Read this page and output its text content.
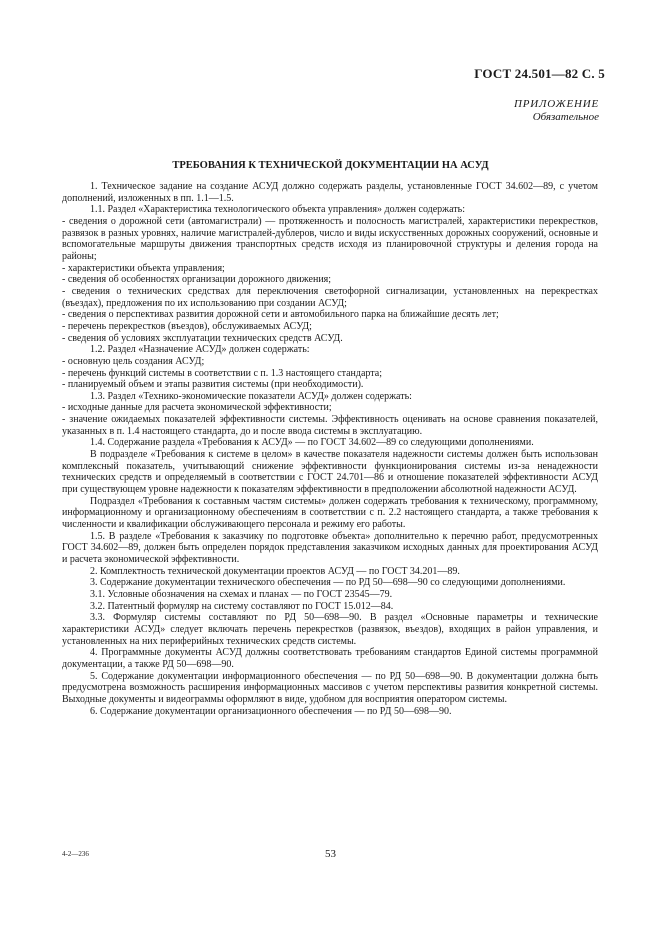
ГОСТ 24.501—82 С. 5
ПРИЛОЖЕНИЕ
Обязательное
ТРЕБОВАНИЯ К ТЕХНИЧЕСКОЙ ДОКУМЕНТАЦИИ НА АСУД

1. Техническое задание на создание АСУД должно содержать разделы, установленные ГОСТ 34.602—89, с учетом дополнений, изложенных в пп. 1.1—1.5.

1.1. Раздел «Характеристика технологического объекта управления» должен содержать:

- сведения о дорожной сети (автомагистрали) — протяженность и полосность магистралей, характеристики перекрестков, развязок в разных уровнях, наличие магистралей-дублеров, число и виды искусственных дорожных сооружений, основные и вспомогательные маршруты движения транспортных средств исходя из планировочной структуры и деления города на районы;

- характеристики объекта управления;

- сведения об особенностях организации дорожного движения;

- сведения о технических средствах для переключения светофорной сигнализации, установленных на перекрестках (въездах), предложения по их использованию при создании АСУД;

- сведения о перспективах развития дорожной сети и автомобильного парка на ближайшие десять лет;

- перечень перекрестков (въездов), обслуживаемых АСУД;

- сведения об условиях эксплуатации технических средств АСУД.

1.2. Раздел «Назначение АСУД» должен содержать:

- основную цель создания АСУД;

- перечень функций системы в соответствии с п. 1.3 настоящего стандарта;

- планируемый объем и этапы развития системы (при необходимости).

1.3. Раздел «Технико-экономические показатели АСУД» должен содержать:

- исходные данные для расчета экономической эффективности;

- значение ожидаемых показателей эффективности системы. Эффективность оценивать на основе сравнения показателей, указанных в п. 1.4 настоящего стандарта, до и после ввода системы в эксплуатацию.

1.4. Содержание раздела «Требования к АСУД» — по ГОСТ 34.602—89 со следующими дополнениями.

В подразделе «Требования к системе в целом» в качестве показателя надежности системы должен быть использован комплексный показатель, учитывающий снижение эффективности функционирования системы из-за ненадежности технических средств и определяемый в соответствии с ГОСТ 24.701—86 и отношение показателей эффективности АСУД при существующем уровне надежности к показателям эффективности в предположении абсолютной надежности АСУД.

Подраздел «Требования к составным частям системы» должен содержать требования к техническому, программному, информационному и организационному обеспечениям в соответствии с п. 2.2 настоящего стандарта, а также требования к численности и квалификации обслуживающего персонала и режиму его работы.

1.5. В разделе «Требования к заказчику по подготовке объекта» дополнительно к перечню работ, предусмотренных ГОСТ 34.602—89, должен быть определен порядок представления заказчиком исходных данных для проектирования АСУД и расчета экономической эффективности.

2. Комплектность технической документации проектов АСУД — по ГОСТ 34.201—89.

3. Содержание документации технического обеспечения — по РД 50—698—90 со следующими дополнениями.

3.1. Условные обозначения на схемах и планах — по ГОСТ 23545—79.

3.2. Патентный формуляр на систему составляют по ГОСТ 15.012—84.

3.3. Формуляр системы составляют по РД 50—698—90. В раздел «Основные параметры и технические характеристики АСУД» следует включать перечень перекрестков (развязок, въездов), входящих в район управления, и установленных на них периферийных технических средств системы.

4. Программные документы АСУД должны соответствовать требованиям стандартов Единой системы программной документации, а также РД 50—698—90.

5. Содержание документации информационного обеспечения — по РД 50—698—90. В документации должна быть предусмотрена возможность расширения информационных массивов с учетом перспективы развития конкретной системы. Выходные документы и видеограммы оформляют в виде, удобном для восприятия оператором системы.

6. Содержание документации организационного обеспечения — по РД 50—698—90.

4-2—236	53
